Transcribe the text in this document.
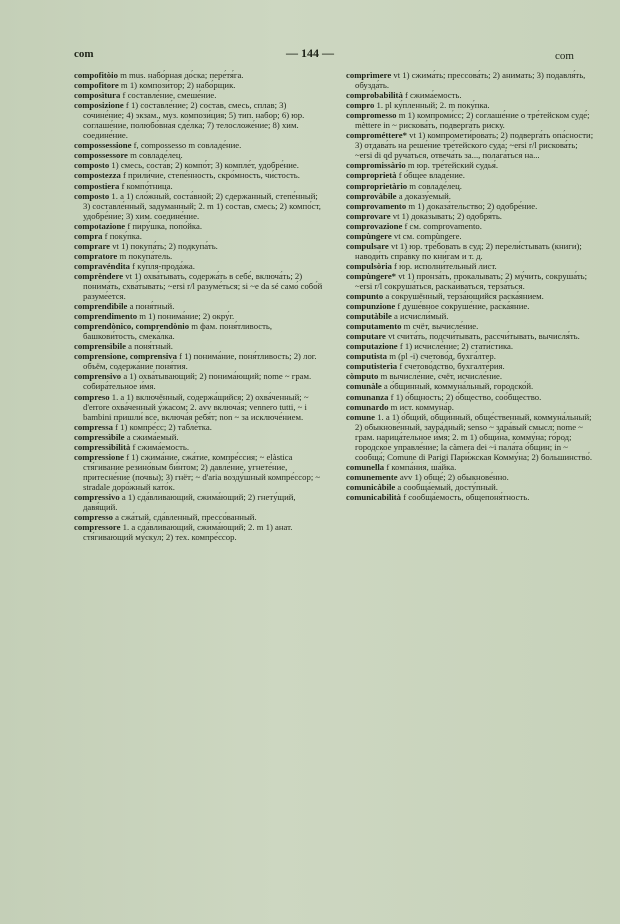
com	— 144 —	com

compofitòio m mus. набо́рная до́ска; пере́тя́га.

compofitore m 1) компози́тор; 2) набо́рщик.

composìtura f составле́ние, смеше́ние.

composizione f 1) составле́ние; 2) состав, смесь, сплав; 3) сочине́ние; 4) экзам., муз. компози́ция; 5) тип. набор; 6) юр. соглаше́ние, полюбо́вная сде́лка; 7) телосложе́ние; 8) хим. соедине́ние.

compossessione f, compossesso m совладе́ние.

compossessore m совладе́лец.

composto 1) смесь, соста́в; 2) компо́т; 3) компле́т, удобре́ние.

compostezza f прили́чие, степе́нность, скро́мность, чи́стость.

compostiera f компо́тница.

composto 1. a 1) сло́жный, соста́вной; 2) сдержанный, степе́нный; 3) составле́нный, задуманный; 2. m 1) состав, смесь; 2) компо́ст, удобре́ние; 3) хим. соедине́ние.

compotazione f пиру́шка, попо́йка.

compra f поку́пка.

comprare vt 1) покупа́ть; 2) подкупа́ть.

compratore m покупа́тель.

compravéndita f ку́пля-прода́жа.

comprèndere vt 1) охва́тывать, содержа́ть в себе́, включа́ть; 2) понима́ть, схва́тывать; ~ersi r/l разуме́ться; si ~e da sé само́ собо́й разуме́ется.

comprendìbile a поня́тный.

comprendimento m 1) понима́ние; 2) окру́г.

comprendònico, comprendònio m фам. поня́тливость, башкови́тость, смека́лка.

comprensìbile a поня́тный.

comprensione, comprensiva f 1) понима́ние, поня́тливость; 2) лог. объём, содержа́ние поня́тия.

comprensivo a 1) охва́тывающий; 2) понима́ющий; nome ~ грам. собира́тельное и́мя.

compreso 1. a 1) включённый, содержа́щийся; 2) охва́ченный; ~ d'errore охва́ченный у́жасом; 2. avv включа́я; vennero tutti, ~ i bambini пришли́ все, включа́я ребя́т; non ~ за исключе́нием.

compressa f 1) компре́сс; 2) табле́тка.

compressìbile a сжима́емый.

compressibilità f сжима́емость.

compressione f 1) сжима́ние, сжа́тие, компре́ссия; ~ elàstica стя́гивание резино́вым би́нтом; 2) давле́ние, угнете́ние, притесне́ние (почвы); 3) гнёт; ~ d'aria возду́шный компре́ссор; ~ stradale доро́жный като́к.

compressivo a 1) сда́вливающий, сжима́ющий; 2) гнету́щий, давя́щий.

compresso a сжа́тый, сда́вленный, прессо́ванный.

compressore 1. a сда́вливающий, сжима́ющий; 2. m 1) анат. стя́гивающий му́скул; 2) тех. компре́ссор.

comprìmere vt 1) сжима́ть; прессова́ть; 2) анимать; 3) подавля́ть, обузда́ть.

comprobabilità f сжима́емость.

compro 1. pl ку́пленный; 2. m поку́пка.

compromesso m 1) компроми́сс; 2) соглаше́ние о тре́тейском суде́; mèttere in ~ рискова́ть, подверга́ть риску.

comprométtere* vt 1) компромети́ровать; 2) подверга́ть опа́сности; 3) отдава́ть на реше́ние тре́тейского суда́; ~ersi r/l рискова́ть; ~ersi di qd руча́ться, отвеча́ть за..., полага́ться на...

compromissàrio m юр. тре́тейский судья́.

comproprietà f о́бщее владе́ние.

comproprietàrio m совладе́лец.

comprovàbile a доказу́емый.

comprovamento m 1) доказа́тельство; 2) одобре́ние.

comprovare vt 1) дока́зывать; 2) одобря́ть.

comprovazione f см. comprovamento.

compùngere vt см. compùngere.

compulsare vt 1) юр. тре́бовать в суд; 2) перели́стывать (книги); наводи́ть спра́вку по кни́гам и т. д.

compulsòria f юр. исполни́тельный лист.

compùngere* vt 1) пронза́ть, прокалывать; 2) му́чить, сокруша́ть; ~ersi r/l сокруша́ться, раска́иваться, терза́ться.

compunto a сокрушённый, терза́ющийся раска́янием.

compunzione f душе́вное сокруше́ние, раска́яние.

computàbile a исчисли́мый.

computamento m счёт, вычисле́ние.

computare vt счита́ть, подсчи́тывать, рассчи́тывать, вычисля́ть.

computazione f 1) исчисле́ние; 2) стати́стика.

computista m (pl -i) счетово́д, бухга́лтер.

computisterìa f счетово́дство, бухгалте́рия.

còmputo m вычисле́ние, счёт, исчисле́ние.

comunàle a о́бщинный, коммуна́льный, городско́й.

comunanza f 1) о́бщность; 2) о́бщество, соо́бщество.

comunardo m ист. коммуна́р.

comune 1. a 1) о́бщий, общи́нный, обще́ственный, коммуна́льный; 2) обыкнове́нный, заура́дный; senso ~ здра́вый смысл; nome ~ грам. нарица́тельное и́мя; 2. m 1) общи́на, комму́на; го́род; городско́е управле́ние; la càmera dei ~i пала́та о́бщин; in ~ сообща́; Comune di Parigi Пари́жская Комму́на; 2) большинство́.

comunella f компа́ния, ша́йка.

comunemente avv 1) обще́; 2) обыкнове́нно.

comunicàbile a сообща́емый, досту́пный.

comunicabilità f сообща́емость, общепоня́тность.
